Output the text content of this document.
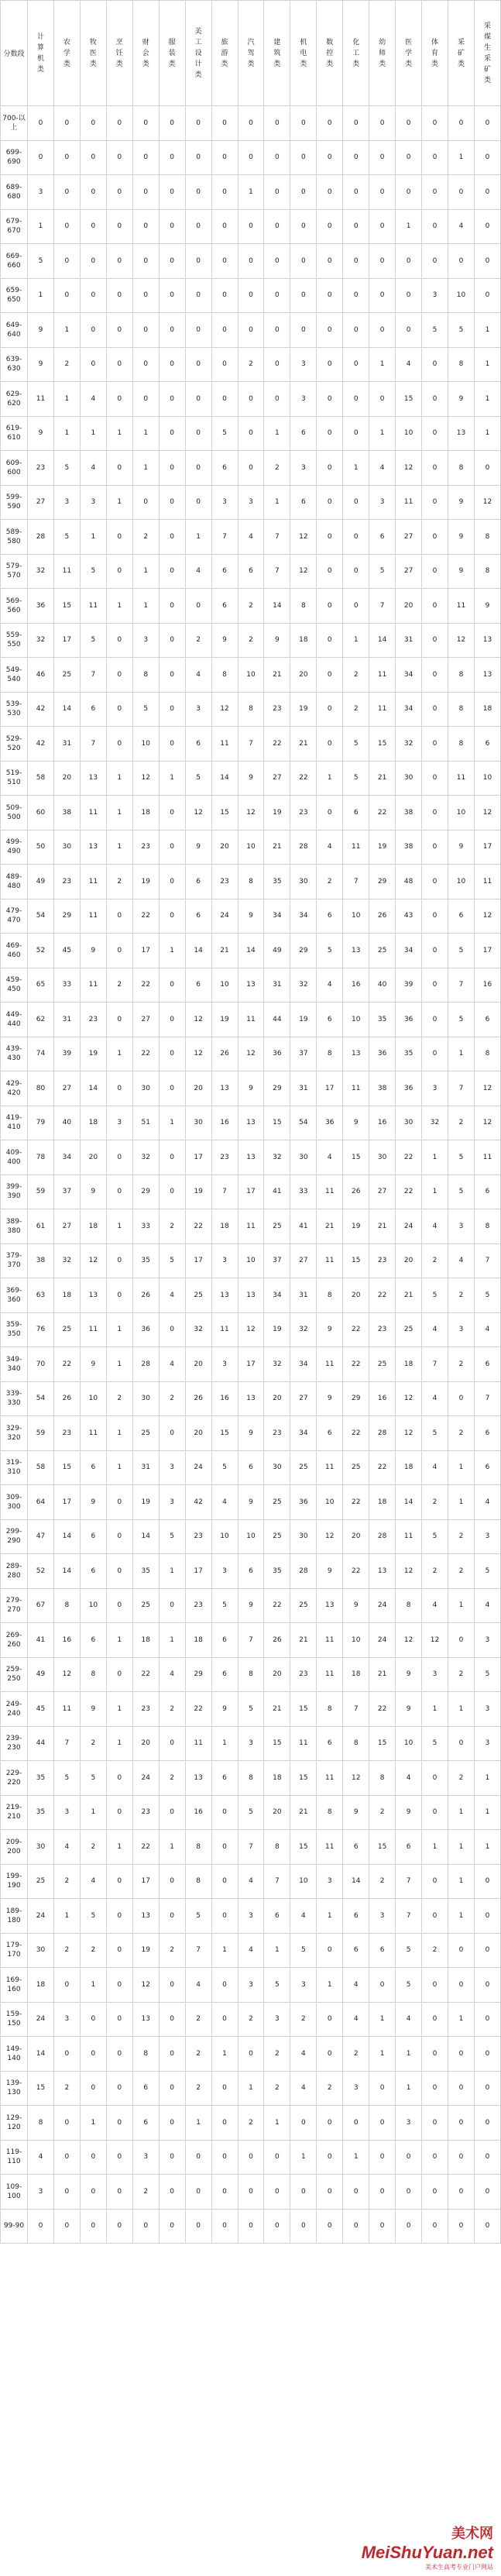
分数段	计算机类	农学类	牧医类	烹饪类	财会类	服装类	美工设计类	旅游类	汽驾类	建筑类	机电类	数控类	化工类	幼师类	医学类	体育类	采矿类	采煤生采矿类
700-以上	0	0	0	0	0	0	0	0	0	0	0	0	0	0	0	0	0	0
699-690	0	0	0	0	0	0	0	0	0	0	0	0	0	0	0	0	1	0
689-680	3	0	0	0	0	0	0	0	1	0	0	0	0	0	0	0	0	0
679-670	1	0	0	0	0	0	0	0	0	0	0	0	0	0	1	0	4	0
669-660	5	0	0	0	0	0	0	0	0	0	0	0	0	0	0	0	0	0
659-650	1	0	0	0	0	0	0	0	0	0	0	0	0	0	0	3	10	0
649-640	9	1	0	0	0	0	0	0	0	0	0	0	0	0	0	5	5	1
639-630	9	2	0	0	0	0	0	0	2	0	3	0	0	1	4	0	8	1
629-620	11	1	4	0	0	0	0	0	0	0	3	0	0	0	15	0	9	1
619-610	9	1	1	1	1	0	0	5	0	1	6	0	0	1	10	0	13	1
609-600	23	5	4	0	1	0	0	6	0	2	3	0	1	4	12	0	8	0
599-590	27	3	3	1	0	0	0	3	3	1	6	0	0	3	11	0	9	12
589-580	28	5	1	0	2	0	1	7	4	7	12	0	0	6	27	0	9	8
579-570	32	11	5	0	1	0	4	6	6	7	12	0	0	5	27	0	9	8
569-560	36	15	11	1	1	0	0	6	2	14	8	0	0	7	20	0	11	9
559-550	32	17	5	0	3	0	2	9	2	9	18	0	1	14	31	0	12	13
549-540	46	25	7	0	8	0	4	8	10	21	20	0	2	11	34	0	8	13
539-530	42	14	6	0	5	0	3	12	8	23	19	0	2	11	34	0	8	18
529-520	42	31	7	0	10	0	6	11	7	22	21	0	5	15	32	0	8	6
519-510	58	20	13	1	12	1	5	14	9	27	22	1	5	21	30	0	11	10
509-500	60	38	11	1	18	0	12	15	12	19	23	0	6	22	38	0	10	12
499-490	50	30	13	1	23	0	9	20	10	21	28	4	11	19	38	0	9	17
489-480	49	23	11	2	19	0	6	23	8	35	30	2	7	29	48	0	10	11
479-470	54	29	11	0	22	0	6	24	9	34	34	6	10	26	43	0	6	12
469-460	52	45	9	0	17	1	14	21	14	49	29	5	13	25	34	0	5	17
459-450	65	33	11	2	22	0	6	10	13	31	32	4	16	40	39	0	7	16
449-440	62	31	23	0	27	0	12	19	11	44	19	6	10	35	36	0	5	6
439-430	74	39	19	1	22	0	12	26	12	36	37	8	13	36	35	0	1	8
429-420	80	27	14	0	30	0	20	13	9	29	31	17	11	38	36	3	7	12
419-410	79	40	18	3	51	1	30	16	13	15	54	36	9	16	30	32	2	12
409-400	78	34	20	0	32	0	17	23	13	32	30	4	15	30	22	1	5	11
399-390	59	37	9	0	29	0	19	7	17	41	33	11	26	27	22	1	5	6
389-380	61	27	18	1	33	2	22	18	11	25	41	21	19	21	24	4	3	8
379-370	38	32	12	0	35	5	17	3	10	37	27	11	15	23	20	2	4	7
369-360	63	18	13	0	26	4	25	13	13	34	31	8	20	22	21	5	2	5
359-350	76	25	11	1	36	0	32	11	12	19	32	9	22	23	25	4	3	4
349-340	70	22	9	1	28	4	20	3	17	32	34	11	22	25	18	7	2	6
339-330	54	26	10	2	30	2	26	16	13	20	27	9	29	16	12	4	0	7
329-320	59	23	11	1	25	0	20	15	9	23	34	6	22	28	12	5	2	6
319-310	58	15	6	1	31	3	24	5	6	30	25	11	25	22	18	4	1	6
309-300	64	17	9	0	19	3	42	4	9	25	36	10	22	18	14	2	1	4
299-290	47	14	6	0	14	5	23	10	10	25	30	12	20	28	11	5	2	3
289-280	52	14	6	0	35	1	17	3	6	35	28	9	22	13	12	2	2	5
279-270	67	8	10	0	25	0	23	5	9	22	25	13	9	24	8	4	1	4
269-260	41	16	6	1	18	1	18	6	7	26	21	11	10	24	12	12	0	3
259-250	49	12	8	0	22	4	29	6	8	20	23	11	18	21	9	3	2	5
249-240	45	11	9	1	23	2	22	9	5	21	15	8	7	22	9	1	1	3
239-230	44	7	2	1	20	0	11	1	3	15	11	6	8	15	10	5	0	3
229-220	35	5	5	0	24	2	13	6	8	18	15	11	12	8	4	0	2	1
219-210	35	3	1	0	23	0	16	0	5	20	21	8	9	2	9	0	1	1
209-200	30	4	2	1	22	1	8	0	7	8	15	11	6	15	6	1	1	1
199-190	25	2	4	0	17	0	8	0	4	7	10	3	14	2	7	0	1	0
189-180	24	1	5	0	13	0	5	0	3	6	4	1	6	3	7	0	1	0
179-170	30	2	2	0	19	2	7	1	4	1	5	0	6	6	5	2	0	0
169-160	18	0	1	0	12	0	4	0	3	5	3	1	4	0	5	0	0	0
159-150	24	3	0	0	13	0	2	0	2	3	2	0	4	1	4	0	1	0
149-140	14	0	0	0	8	0	2	1	0	2	4	0	2	1	1	0	0	0
139-130	15	2	0	0	6	0	2	0	1	2	4	2	3	0	1	0	0	0
129-120	8	0	1	0	6	0	1	0	2	1	0	0	0	0	3	0	0	0
119-110	4	0	0	0	3	0	0	0	0	0	1	0	1	0	0	0	0	0
109-100	3	0	0	0	2	0	0	0	0	0	0	0	0	0	0	0	0	0
99-90	0	0	0	0	0	0	0	0	0	0	0	0	0	0	0	0	0	0
美术网
MeiShuYuan.net
美术生高考专业门户网站
